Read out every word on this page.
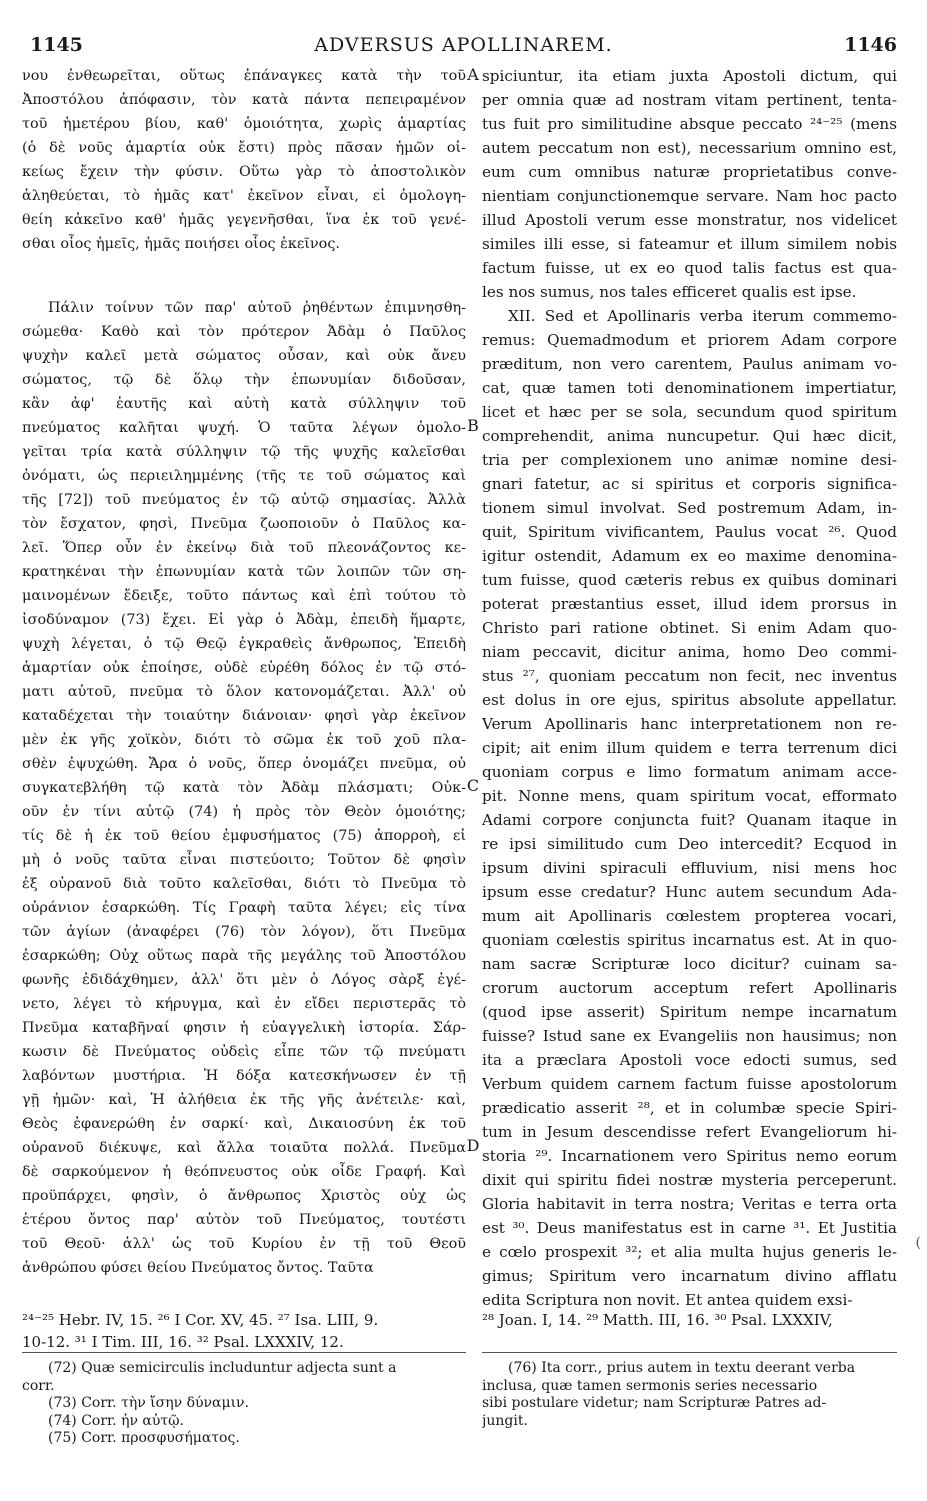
1145	ADVERSUS APOLLINAREM.	1146
νου ἐνθεωρεῖται, οὕτως ἐπάναγκες κατὰ τὴν τοῦ
Ἀποστόλου ἀπόφασιν, τὸν κατὰ πάντα πεπειραμένον
τοῦ ἡμετέρου βίου, καθ' ὁμοιότητα, χωρὶς ἁμαρτίας
(ὁ δὲ νοῦς ἁμαρτία οὐκ ἔστι) πρὸς πᾶσαν ἡμῶν οἰ-
κείως ἔχειν τὴν φύσιν. Οὕτω γὰρ τὸ ἀποστολικὸν
ἀληθεύεται, τὸ ἡμᾶς κατ' ἐκεῖνον εἶναι, εἰ ὁμολογη-
θείη κἀκεῖνο καθ' ἡμᾶς γεγενῆσθαι, ἵνα ἐκ τοῦ γενέ-
σθαι οἷος ἡμεῖς, ἡμᾶς ποιήσει οἷος ἐκεῖνος.
Πάλιν τοίνυν τῶν παρ' αὐτοῦ ῥηθέντων ἐπιμνησθη-
σώμεθα· Καθὸ καὶ τὸν πρότερον Ἀδὰμ ὁ Παῦλος
ψυχὴν καλεῖ μετὰ σώματος οὖσαν, καὶ οὐκ ἄνευ
σώματος, τῷ δὲ ὅλῳ τὴν ἐπωνυμίαν διδοῦσαν,
κἂν ἀφ' ἑαυτῆς καὶ αὐτὴ κατὰ σύλληψιν τοῦ
πνεύματος καλῆται ψυχή. Ὁ ταῦτα λέγων ὁμολο-
γεῖται τρία κατὰ σύλληψιν τῷ τῆς ψυχῆς καλεῖσθαι
ὀνόματι, ὡς περιειλημμένης (τῆς τε τοῦ σώματος καὶ
τῆς [72]) τοῦ πνεύματος ἐν τῷ αὐτῷ σημασίας. Ἀλλὰ
τὸν ἔσχατον, φησὶ, Πνεῦμα ζωοποιοῦν ὁ Παῦλος κα-
λεῖ. Ὅπερ οὖν ἐν ἐκείνῳ διὰ τοῦ πλεονάζοντος κε-
κρατηκέναι τὴν ἐπωνυμίαν κατὰ τῶν λοιπῶν τῶν ση-
μαινομένων ἔδειξε, τοῦτο πάντως καὶ ἐπὶ τούτου τὸ
ἰσοδύναμον (73) ἔχει. Εἰ γὰρ ὁ Ἀδὰμ, ἐπειδὴ ἥμαρτε,
ψυχὴ λέγεται, ὁ τῷ Θεῷ ἐγκραθεὶς ἄνθρωπος, Ἐπειδὴ
ἁμαρτίαν οὐκ ἐποίησε, οὐδὲ εὑρέθη δόλος ἐν τῷ στό-
ματι αὐτοῦ, πνεῦμα τὸ ὅλον κατονομάζεται. Ἀλλ' οὐ
καταδέχεται τὴν τοιαύτην διάνοιαν· φησὶ γὰρ ἐκεῖνον
μὲν ἐκ γῆς χοϊκὸν, διότι τὸ σῶμα ἐκ τοῦ χοῦ πλα-
σθὲν ἐψυχώθη. Ἄρα ὁ νοῦς, ὅπερ ὀνομάζει πνεῦμα, οὐ
συγκατεβλήθη τῷ κατὰ τὸν Ἀδὰμ πλάσματι; Οὐκ-
οῦν ἐν τίνι αὐτῷ (74) ἡ πρὸς τὸν Θεὸν ὁμοιότης;
τίς δὲ ἡ ἐκ τοῦ θείου ἐμφυσήματος (75) ἀπορροὴ, εἰ
μὴ ὁ νοῦς ταῦτα εἶναι πιστεύοιτο; Τοῦτον δὲ φησὶν
ἐξ οὐρανοῦ διὰ τοῦτο καλεῖσθαι, διότι τὸ Πνεῦμα τὸ
οὐράνιον ἐσαρκώθη. Τίς Γραφὴ ταῦτα λέγει; εἰς τίνα
τῶν ἁγίων (ἀναφέρει (76) τὸν λόγον), ὅτι Πνεῦμα
ἐσαρκώθη; Οὐχ οὕτως παρὰ τῆς μεγάλης τοῦ Ἀποστόλου
φωνῆς ἐδιδάχθημεν, ἀλλ' ὅτι μὲν ὁ Λόγος σὰρξ ἐγέ-
νετο, λέγει τὸ κήρυγμα, καὶ ἐν εἴδει περιστερᾶς τὸ
Πνεῦμα καταβῆναί φησιν ἡ εὐαγγελικὴ ἱστορία. Σάρ-
κωσιν δὲ Πνεύματος οὐδεὶς εἶπε τῶν τῷ πνεύματι
λαβόντων μυστήρια. Ἡ δόξα κατεσκήνωσεν ἐν τῇ
γῇ ἡμῶν· καὶ, Ἡ ἀλήθεια ἐκ τῆς γῆς ἀνέτειλε· καὶ,
Θεὸς ἐφανερώθη ἐν σαρκί· καὶ, Δικαιοσύνη ἐκ τοῦ
οὐρανοῦ διέκυψε, καὶ ἄλλα τοιαῦτα πολλά. Πνεῦμα
δὲ σαρκούμενον ἡ θεόπνευστος οὐκ οἶδε Γραφή. Καὶ
προϋπάρχει, φησὶν, ὁ ἄνθρωπος Χριστὸς οὐχ ὡς
ἑτέρου ὄντος παρ' αὐτὸν τοῦ Πνεύματος, τουτέστι
τοῦ Θεοῦ· ἀλλ' ὡς τοῦ Κυρίου ἐν τῇ τοῦ Θεοῦ
ἀνθρώπου φύσει θείου Πνεύματος ὄντος. Ταῦτα
spiciuntur, ita etiam juxta Apostoli dictum, qui
per omnia quæ ad nostram vitam pertinent, tenta-
tus fuit pro similitudine absque peccato ²⁴⁻²⁵ (mens
autem peccatum non est), necessarium omnino est,
eum cum omnibus naturæ proprietatibus conve-
nientiam conjunctionemque servare. Nam hoc pacto
illud Apostoli verum esse monstratur, nos videlicet
similes illi esse, si fateamur et illum similem nobis
factum fuisse, ut ex eo quod talis factus est qua-
les nos sumus, nos tales efficeret qualis est ipse.
XII. Sed et Apollinaris verba iterum commemo-
remus: Quemadmodum et priorem Adam corpore
præditum, non vero carentem, Paulus animam vo-
cat, quæ tamen toti denominationem impertiatur,
licet et hæc per se sola, secundum quod spiritum
comprehendit, anima nuncupetur. Qui hæc dicit,
tria per complexionem uno animæ nomine desi-
gnari fatetur, ac si spiritus et corporis significa-
tionem simul involvat. Sed postremum Adam, in-
quit, Spiritum vivificantem, Paulus vocat ²⁶. Quod
igitur ostendit, Adamum ex eo maxime denomina-
tum fuisse, quod cæteris rebus ex quibus dominari
poterat præstantius esset, illud idem prorsus in
Christo pari ratione obtinet. Si enim Adam quo-
niam peccavit, dicitur anima, homo Deo commi-
stus ²⁷, quoniam peccatum non fecit, nec inventus
est dolus in ore ejus, spiritus absolute appellatur.
Verum Apollinaris hanc interpretationem non re-
cipit; ait enim illum quidem e terra terrenum dici
quoniam corpus e limo formatum animam acce-
pit. Nonne mens, quam spiritum vocat, efformato
Adami corpore conjuncta fuit? Quanam itaque in
re ipsi similitudo cum Deo intercedit? Ecquod in
ipsum divini spiraculi effluvium, nisi mens hoc
ipsum esse credatur? Hunc autem secundum Ada-
mum ait Apollinaris cœlestem propterea vocari,
quoniam cœlestis spiritus incarnatus est. At in quo-
nam sacræ Scripturæ loco dicitur? cuinam sa-
crorum auctorum acceptum refert Apollinaris
(quod ipse asserit) Spiritum nempe incarnatum
fuisse? Istud sane ex Evangeliis non hausimus; non
ita a præclara Apostoli voce edocti sumus, sed
Verbum quidem carnem factum fuisse apostolorum
prædicatio asserit ²⁸, et in columbæ specie Spiri-
tum in Jesum descendisse refert Evangeliorum hi-
storia ²⁹. Incarnationem vero Spiritus nemo eorum
dixit qui spiritu fidei nostræ mysteria perceperunt.
Gloria habitavit in terra nostra; Veritas e terra orta
est ³⁰. Deus manifestatus est in carne ³¹. Et Justitia
e cœlo prospexit ³²; et alia multa hujus generis le-
gimus; Spiritum vero incarnatum divino afflatu
edita Scriptura non novit. Et antea quidem exsi-
A
B
C
D
(
²⁴⁻²⁵ Hebr. IV, 15. ²⁶ I Cor. XV, 45. ²⁷ Isa. LIII, 9.
10-12. ³¹ I Tim. III, 16. ³² Psal. LXXXIV, 12.
²⁸ Joan. I, 14. ²⁹ Matth. III, 16. ³⁰ Psal. LXXXIV,
(72) Quæ semicirculis includuntur adjecta sunt a
corr.
(73) Corr. τὴν ἴσην δύναμιν.
(74) Corr. ἦν αὐτῷ.
(75) Corr. προσφυσήματος.
(76) Ita corr., prius autem in textu deerant verba
inclusa, quæ tamen sermonis series necessario
sibi postulare videtur; nam Scripturæ Patres ad-
jungit.
